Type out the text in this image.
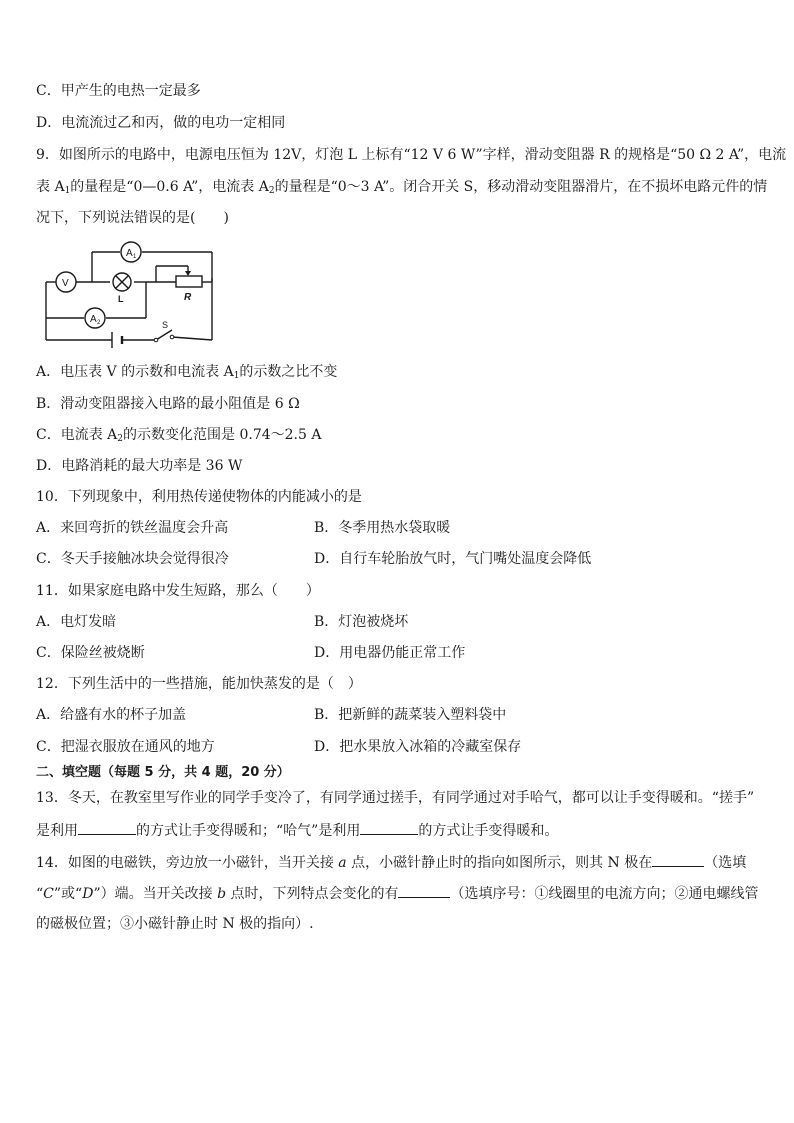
C．甲产生的电热一定最多
D．电流流过乙和丙，做的电功一定相同
9．如图所示的电路中，电源电压恒为 12V，灯泡 L 上标有“12 V 6 W”字样，滑动变阻器 R 的规格是“50 Ω 2 A”，电流
表 $A_1$的量程是“0—0.6 A”，电流表 $A_2$的量程是“0～3 A”。闭合开关 S，移动滑动变阻器滑片，在不损坏电路元件的情
况下，下列说法错误的是(　　)
V
A 1
A 2
L	R
S
A．电压表 V 的示数和电流表 $A_1$的示数之比不变
B．滑动变阻器接入电路的最小阻值是 6 Ω
C．电流表 $A_2$的示数变化范围是 0.74～2.5 A
D．电路消耗的最大功率是 36 W
10．下列现象中，利用热传递使物体的内能减小的是
A．来回弯折的铁丝温度会升高	B．冬季用热水袋取暖
C．冬天手接触冰块会觉得很冷	D．自行车轮胎放气时，气门嘴处温度会降低
11．如果家庭电路中发生短路，那么（　　）
A．电灯发暗	B．灯泡被烧坏
C．保险丝被烧断	D．用电器仍能正常工作
12．下列生活中的一些措施，能加快蒸发的是（　）
A．给盛有水的杯子加盖	B．把新鲜的蔬菜装入塑料袋中
C．把湿衣服放在通风的地方	D．把水果放入冰箱的冷藏室保存
二、填空题（每题 5 分，共 4 题，20 分）
13．冬天，在教室里写作业的同学手变冷了，有同学通过搓手，有同学通过对手哈气，都可以让手变得暖和。“搓手”
是利用	的方式让手变得暖和；“哈气”是利用	的方式让手变得暖和。
14．如图的电磁铁，旁边放一小磁针，当开关接 a 点，小磁针静止时的指向如图所示，则其 N 极在	（选填
“C”或“D”）端。当开关改接 b 点时，下列特点会变化的有	（选填序号：①线圈里的电流方向；②通电螺线管
的磁极位置；③小磁针静止时 N 极的指向）.
